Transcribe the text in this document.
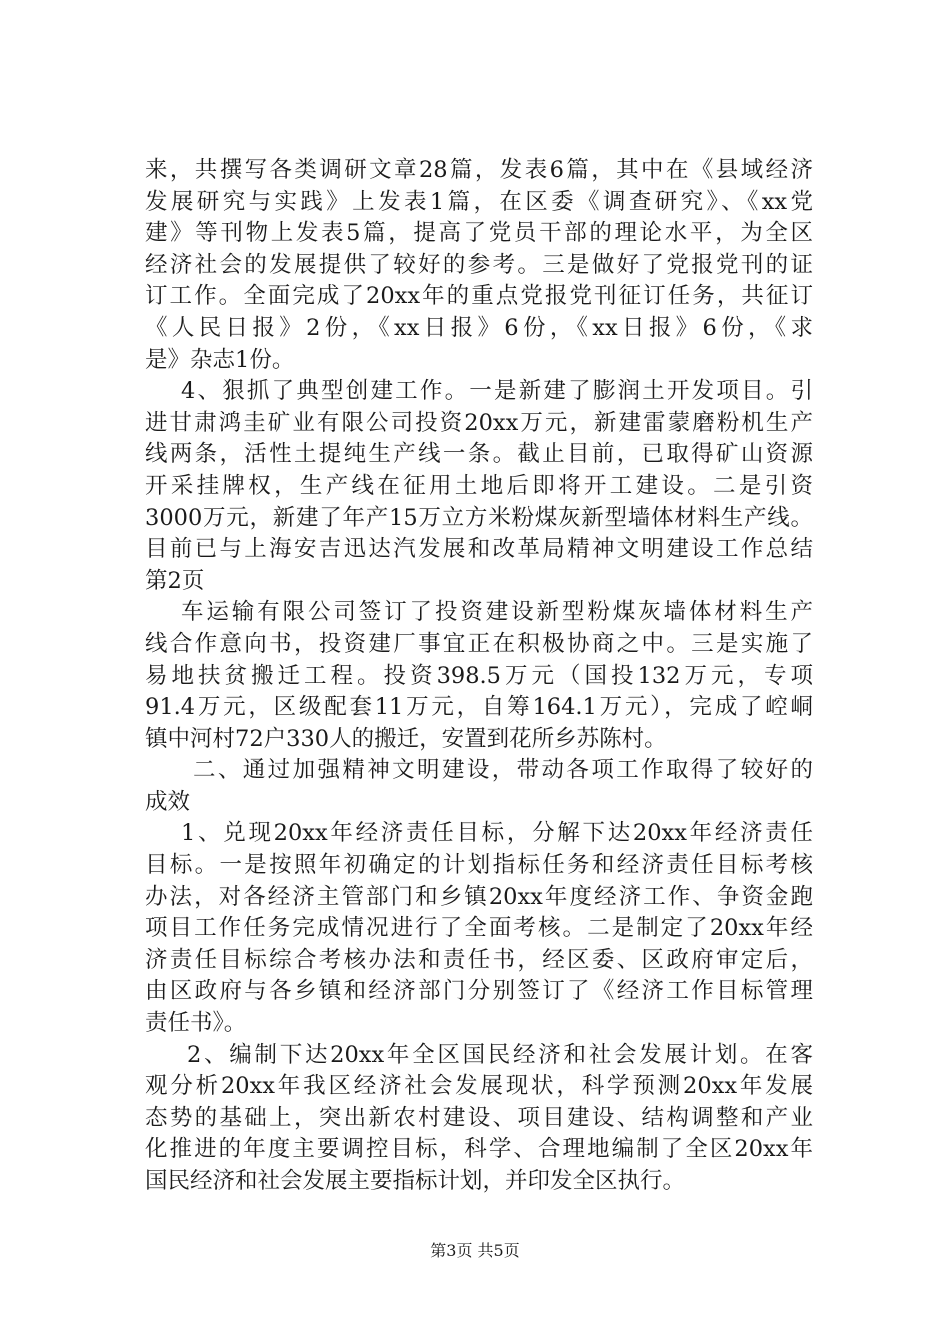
来，共撰写各类调研文章28篇，发表6篇，其中在《县域经济
发展研究与实践》上发表1篇，在区委《调查研究》、《xx党
建》等刊物上发表5篇，提高了党员干部的理论水平，为全区
经济社会的发展提供了较好的参考。三是做好了党报党刊的证
订工作。全面完成了20xx年的重点党报党刊征订任务，共征订
《人民日报》2份，《xx日报》6份，《xx日报》6份，《求
是》杂志1份。
4、狠抓了典型创建工作。一是新建了膨润土开发项目。引
进甘肃鸿圭矿业有限公司投资20xx万元，新建雷蒙磨粉机生产
线两条，活性土提纯生产线一条。截止目前，已取得矿山资源
开采挂牌权，生产线在征用土地后即将开工建设。二是引资
3000万元，新建了年产15万立方米粉煤灰新型墙体材料生产线。
目前已与上海安吉迅达汽发展和改革局精神文明建设工作总结
第2页
车运输有限公司签订了投资建设新型粉煤灰墙体材料生产
线合作意向书，投资建厂事宜正在积极协商之中。三是实施了
易地扶贫搬迁工程。投资398.5万元（国投132万元，专项
91.4万元，区级配套11万元，自筹164.1万元），完成了崆峒
镇中河村72户330人的搬迁，安置到花所乡苏陈村。
二、通过加强精神文明建设，带动各项工作取得了较好的
成效
1、兑现20xx年经济责任目标，分解下达20xx年经济责任
目标。一是按照年初确定的计划指标任务和经济责任目标考核
办法，对各经济主管部门和乡镇20xx年度经济工作、争资金跑
项目工作任务完成情况进行了全面考核。二是制定了20xx年经
济责任目标综合考核办法和责任书，经区委、区政府审定后，
由区政府与各乡镇和经济部门分别签订了《经济工作目标管理
责任书》。
2、编制下达20xx年全区国民经济和社会发展计划。在客
观分析20xx年我区经济社会发展现状，科学预测20xx年发展
态势的基础上，突出新农村建设、项目建设、结构调整和产业
化推进的年度主要调控目标，科学、合理地编制了全区20xx年
国民经济和社会发展主要指标计划，并印发全区执行。
第3页 共5页
